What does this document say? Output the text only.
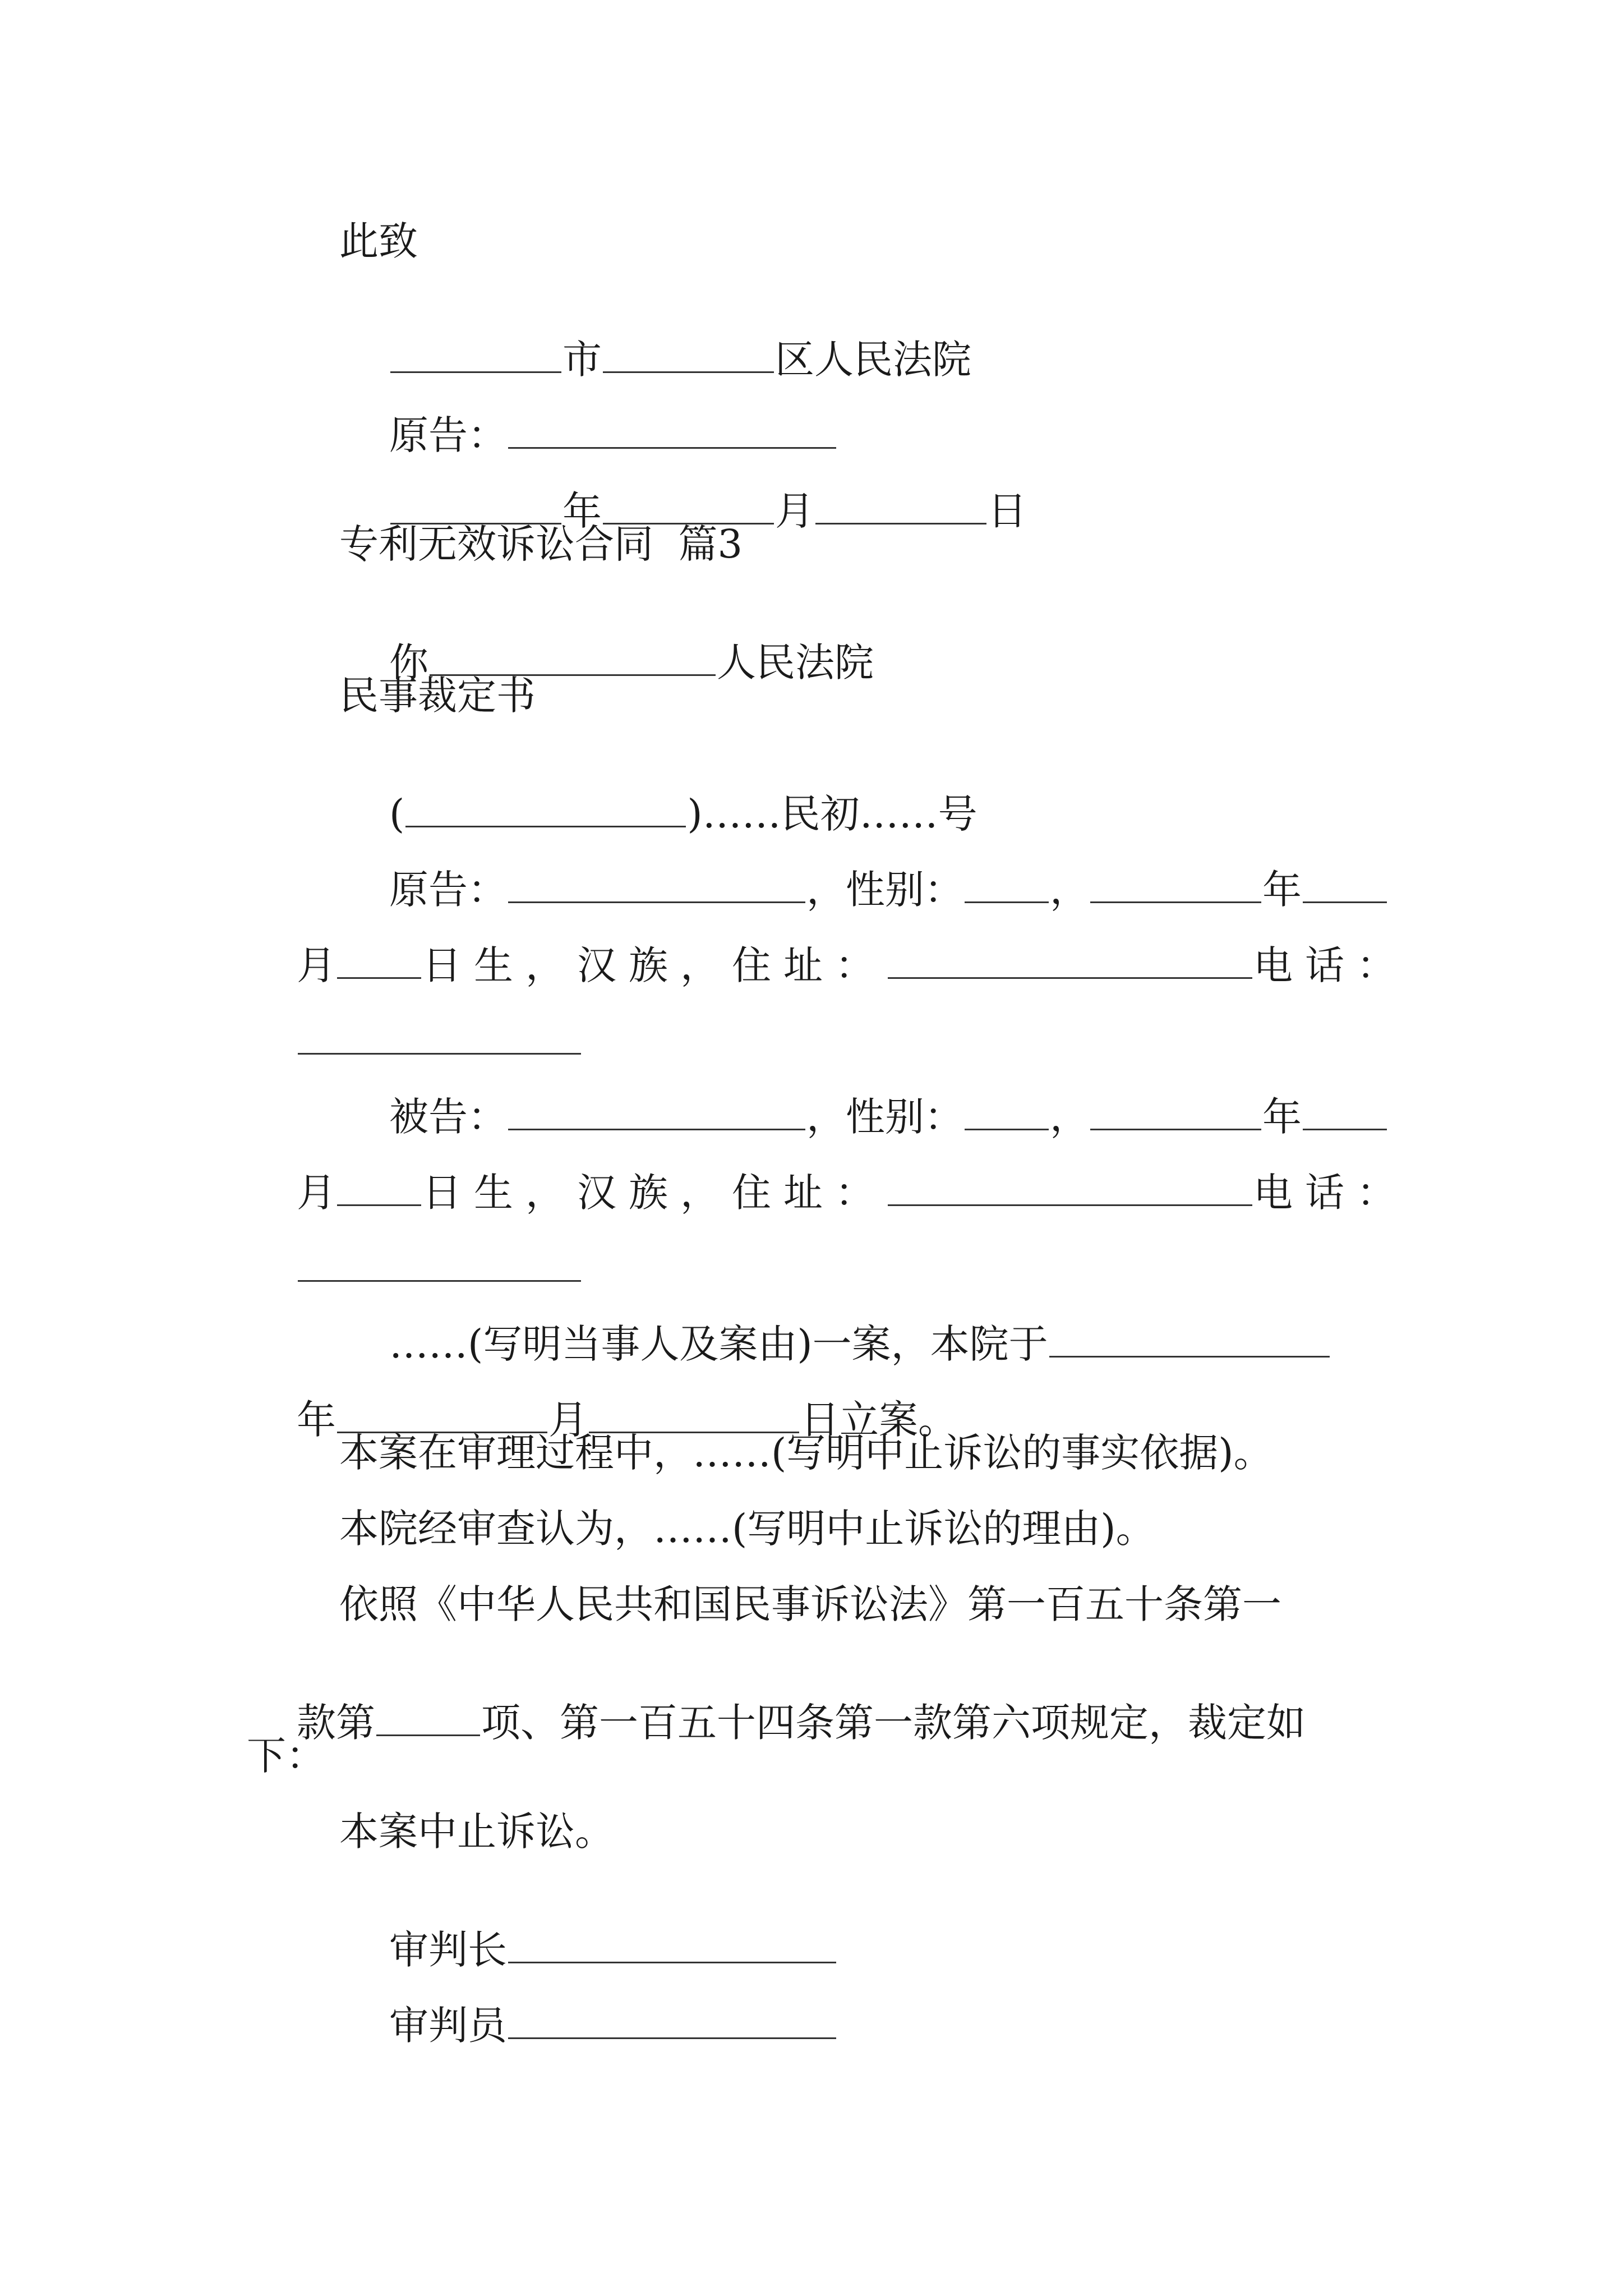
此致

市	区人民法院

原告：

年	月	日

专利无效诉讼合同  篇3

你	人民法院

民事裁定书

(	)……民初……号

原告：	，性别： ，	年

月 日生，汉族，住址：	电话：

被告：	，性别： ，	年

月 日生，汉族，住址：	电话：

……(写明当事人及案由)一案，本院于

年	月	日立案。

本案在审理过程中，……(写明中止诉讼的事实依据)。
本院经审查认为，……(写明中止诉讼的理由)。
依照《中华人民共和国民事诉讼法》第一百五十条第一

款第	项、第一百五十四条第一款第六项规定，裁定如

下：
本案中止诉讼。

审判长

审判员
